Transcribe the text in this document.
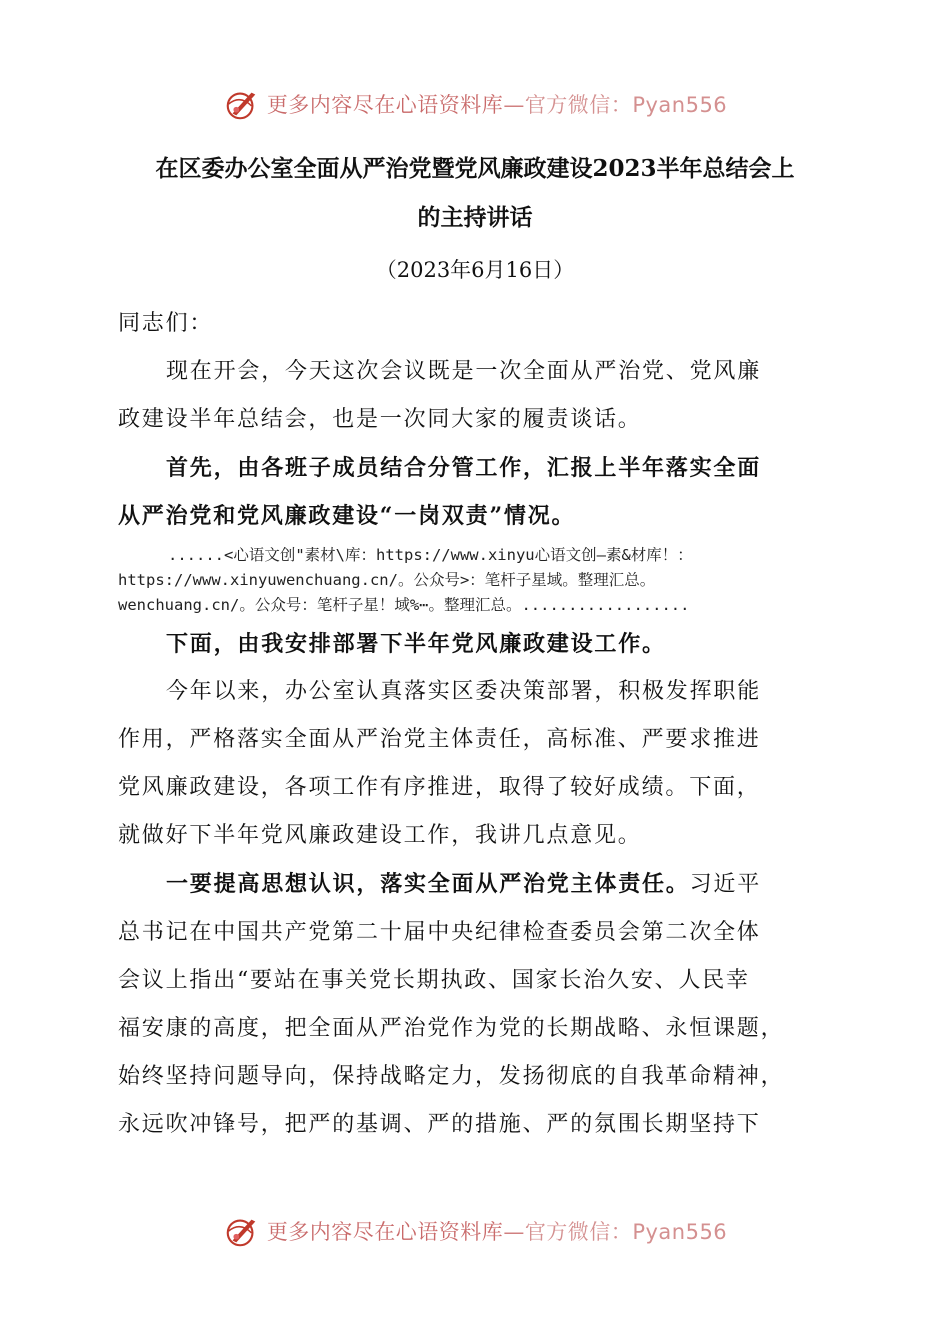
更多内容尽在心语资料库—官方微信：Pyan556
在区委办公室全面从严治党暨党风廉政建设2023半年总结会上
的主持讲话
（2023年6月16日）

同志们：

现在开会，今天这次会议既是一次全面从严治党、党风廉

政建设半年总结会，也是一次同大家的履责谈话。

首先，由各班子成员结合分管工作，汇报上半年落实全面

从严治党和党风廉政建设“一岗双责”情况。

......<心语文创"素材\库：https://www.xinyu心语文创—素&材库！：
https://www.xinyuwenchuang.cn/。公众号>：笔杆子星域。整理汇总。
wenchuang.cn/。公众号：笔杆子星！域%⋯。整理汇总。..................

下面，由我安排部署下半年党风廉政建设工作。

今年以来，办公室认真落实区委决策部署，积极发挥职能

作用，严格落实全面从严治党主体责任，高标准、严要求推进

党风廉政建设，各项工作有序推进，取得了较好成绩。下面，

就做好下半年党风廉政建设工作，我讲几点意见。

一要提高思想认识，落实全面从严治党主体责任。习近平

总书记在中国共产党第二十届中央纪律检查委员会第二次全体

会议上指出“要站在事关党长期执政、国家长治久安、人民幸

福安康的高度，把全面从严治党作为党的长期战略、永恒课题，

始终坚持问题导向，保持战略定力，发扬彻底的自我革命精神，

永远吹冲锋号，把严的基调、严的措施、严的氛围长期坚持下

更多内容尽在心语资料库—官方微信：Pyan556
